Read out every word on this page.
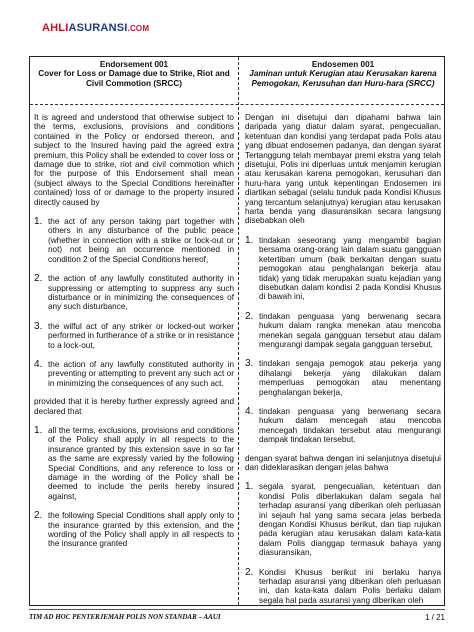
AHLIASURANSI.COM
Endorsement 001
Cover for Loss or Damage due to Strike, Riot and Civil Commotion (SRCC)
It is agreed and understood that otherwise subject to the terms, exclusions, provisions and conditions contained in the Policy or endorsed thereon, and subject to the Insured having paid the agreed extra premium, this Policy shall be extended to cover loss or damage due to strike, riot and civil commotion which for the purpose of this Endorsement shall mean (subject always to the Special Conditions hereinafter contained) loss of or damage to the property insured directly caused by
1. the act of any person taking part together with others in any disturbance of the public peace (whether in connection with a strike or lock-out or not) not being an occurrence mentioned in condition 2 of the Special Conditions hereof,
2. the action of any lawfully constituted authority in suppressing or attempting to suppress any such disturbance or in minimizing the consequences of any such disturbance,
3. the wilful act of any striker or locked-out worker performed in furtherance of a strike or in resistance to a lock-out,
4. the action of any lawfully constituted authority in preventing or attempting to prevent any such act or in minimizing the consequences of any such act.
provided that it is hereby further expressly agreed and declared that
1. all the terms, exclusions, provisions and conditions of the Policy shall apply in all respects to the insurance granted by this extension save in so far as the same are expressly varied by the following Special Conditions, and any reference to loss or damage in the wording of the Policy shall be deemed to include the perils hereby insured against,
2. the following Special Conditions shall apply only to the insurance granted by this extension, and the wording of the Policy shall apply in all respects to the insurance granted
Endosemen 001
Jaminan untuk Kerugian atau Kerusakan karena Pemogokan, Kerusuhan dan Huru-hara (SRCC)
Dengan ini disetujui dan dipahami bahwa lain daripada yang diatur dalam syarat, pengecualian, ketentuan dan kondisi yang terdapat pada Polis atau yang dibuat endosemen padanya, dan dengan syarat Tertanggung telah membayar premi ekstra yang telah disetujui, Polis ini diperluas untuk menjamin kerugian atau kerusakan karena pemogokan, kerusuhan dan huru-hara yang untuk kepentingan Endosemen ini diartikan sebagai (selalu tunduk pada Kondisi Khusus yang tercantum selanjutnya) kerugian atau kerusakan harta benda yang diasuransikan secara langsung disebabkan oleh
1. tindakan seseorang yang mengambil bagian bersama orang-orang lain dalam suatu gangguan ketertiban umum (baik berkaitan dengan suatu pemogokan atau penghalangan bekerja atau tidak) yang tidak merupakan suatu kejadian yang disebutkan dalam kondisi 2 pada Kondisi Khusus di bawah ini,
2. tindakan penguasa yang berwenang secara hukum dalam rangka menekan atau mencoba menekan segala gangguan tersebut atau dalam mengurangi dampak segala gangguan tersebut,
3. tindakan sengaja pemogok atau pekerja yang dihalangi bekerja yang dilakukan dalam memperluas pemogokan atau menentang penghalangan bekerja,
4. tindakan penguasa yang berwenang secara hukum dalam mencegah atau mencoba mencegah tindakan tersebut atau mengurangi dampak tindakan tersebut.
dengan syarat bahwa dengan ini selanjutnya disetujui dan dideklarasikan dengan jelas bahwa
1. segala syarat, pengecualian, ketentuan dan kondisi Polis diberlakukan dalam segala hal terhadap asuransi yang diberikan oleh perluasan ini sejauh hal yang sama secara jelas berbeda dengan Kondisi Khusus berikut, dan tiap rujukan pada kerugian atau kerusakan dalam kata-kata dalam Polis dianggap termasuk bahaya yang diasuransikan,
2. Kondisi Khusus berikut ini berlaku hanya terhadap asuransi yang diberikan oleh perluasan ini, dan kata-kata dalam Polis berlaku dalam segala hal pada asuransi yang diberikan oleh
TIM AD HOC PENTERJEMAH POLIS NON STANDAR – AAUI	1 / 21
